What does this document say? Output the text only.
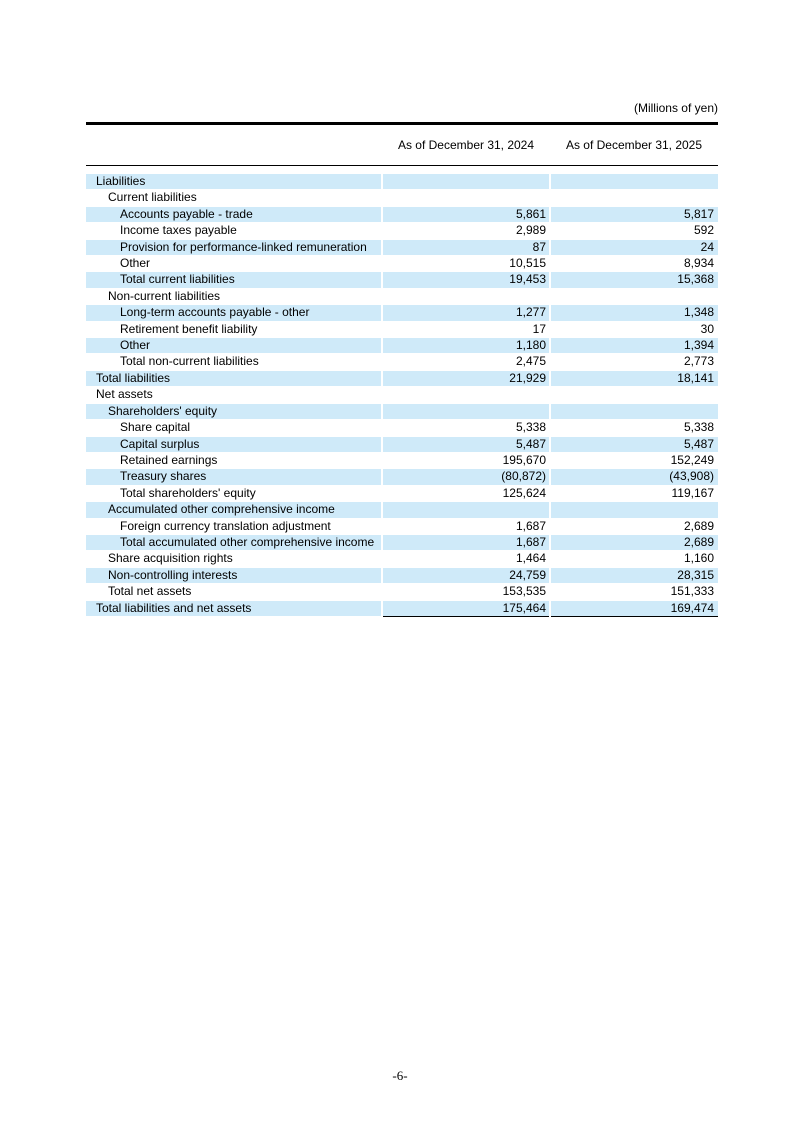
(Millions of yen)
	As of December 31, 2024	As of December 31, 2025

Liabilities		
Current liabilities		
Accounts payable - trade	5,861	5,817
Income taxes payable	2,989	592
Provision for performance-linked remuneration	87	24
Other	10,515	8,934
Total current liabilities	19,453	15,368
Non-current liabilities		
Long-term accounts payable - other	1,277	1,348
Retirement benefit liability	17	30
Other	1,180	1,394
Total non-current liabilities	2,475	2,773
Total liabilities	21,929	18,141
Net assets		
Shareholders' equity		
Share capital	5,338	5,338
Capital surplus	5,487	5,487
Retained earnings	195,670	152,249
Treasury shares	(80,872)	(43,908)
Total shareholders' equity	125,624	119,167
Accumulated other comprehensive income		
Foreign currency translation adjustment	1,687	2,689
Total accumulated other comprehensive income	1,687	2,689
Share acquisition rights	1,464	1,160
Non-controlling interests	24,759	28,315
Total net assets	153,535	151,333
Total liabilities and net assets	175,464	169,474
-6-
